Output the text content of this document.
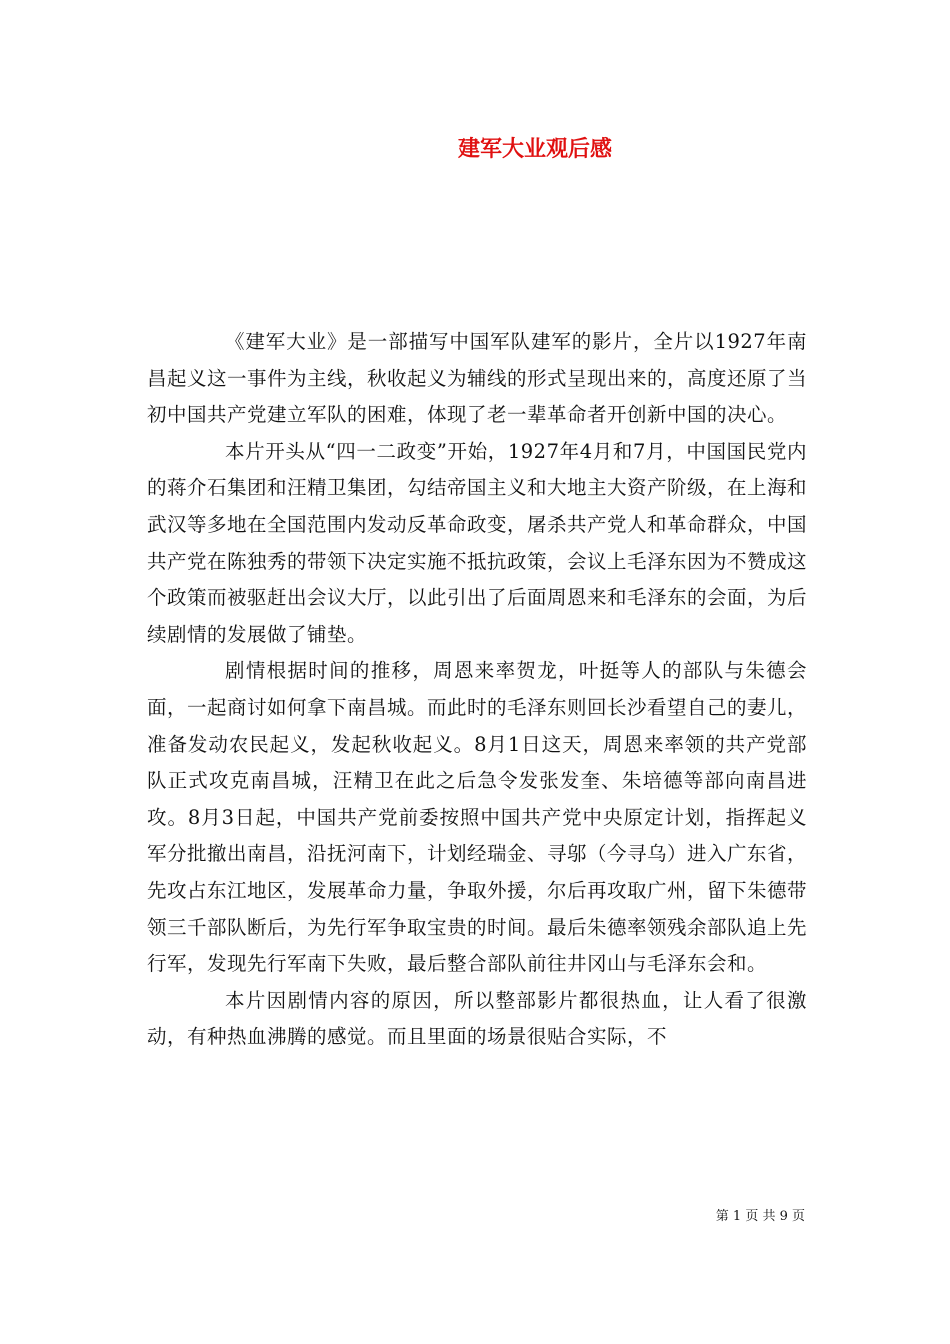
建军大业观后感

《建军大业》是一部描写中国军队建军的影片，全片以1927年南昌起义这一事件为主线，秋收起义为辅线的形式呈现出来的，高度还原了当初中国共产党建立军队的困难，体现了老一辈革命者开创新中国的决心。

本片开头从“四一二政变”开始，1927年4月和7月，中国国民党内的蒋介石集团和汪精卫集团，勾结帝国主义和大地主大资产阶级，在上海和武汉等多地在全国范围内发动反革命政变，屠杀共产党人和革命群众，中国共产党在陈独秀的带领下决定实施不抵抗政策，会议上毛泽东因为不赞成这个政策而被驱赶出会议大厅，以此引出了后面周恩来和毛泽东的会面，为后续剧情的发展做了铺垫。

剧情根据时间的推移，周恩来率贺龙，叶挺等人的部队与朱德会面，一起商讨如何拿下南昌城。而此时的毛泽东则回长沙看望自己的妻儿，准备发动农民起义，发起秋收起义。8月1日这天，周恩来率领的共产党部队正式攻克南昌城，汪精卫在此之后急令发张发奎、朱培德等部向南昌进攻。8月3日起，中国共产党前委按照中国共产党中央原定计划，指挥起义军分批撤出南昌，沿抚河南下，计划经瑞金、寻邬（今寻乌）进入广东省，先攻占东江地区，发展革命力量，争取外援，尔后再攻取广州，留下朱德带领三千部队断后，为先行军争取宝贵的时间。最后朱德率领残余部队追上先行军，发现先行军南下失败，最后整合部队前往井冈山与毛泽东会和。

本片因剧情内容的原因，所以整部影片都很热血，让人看了很激动，有种热血沸腾的感觉。而且里面的场景很贴合实际，不

第 1 页 共 9 页
